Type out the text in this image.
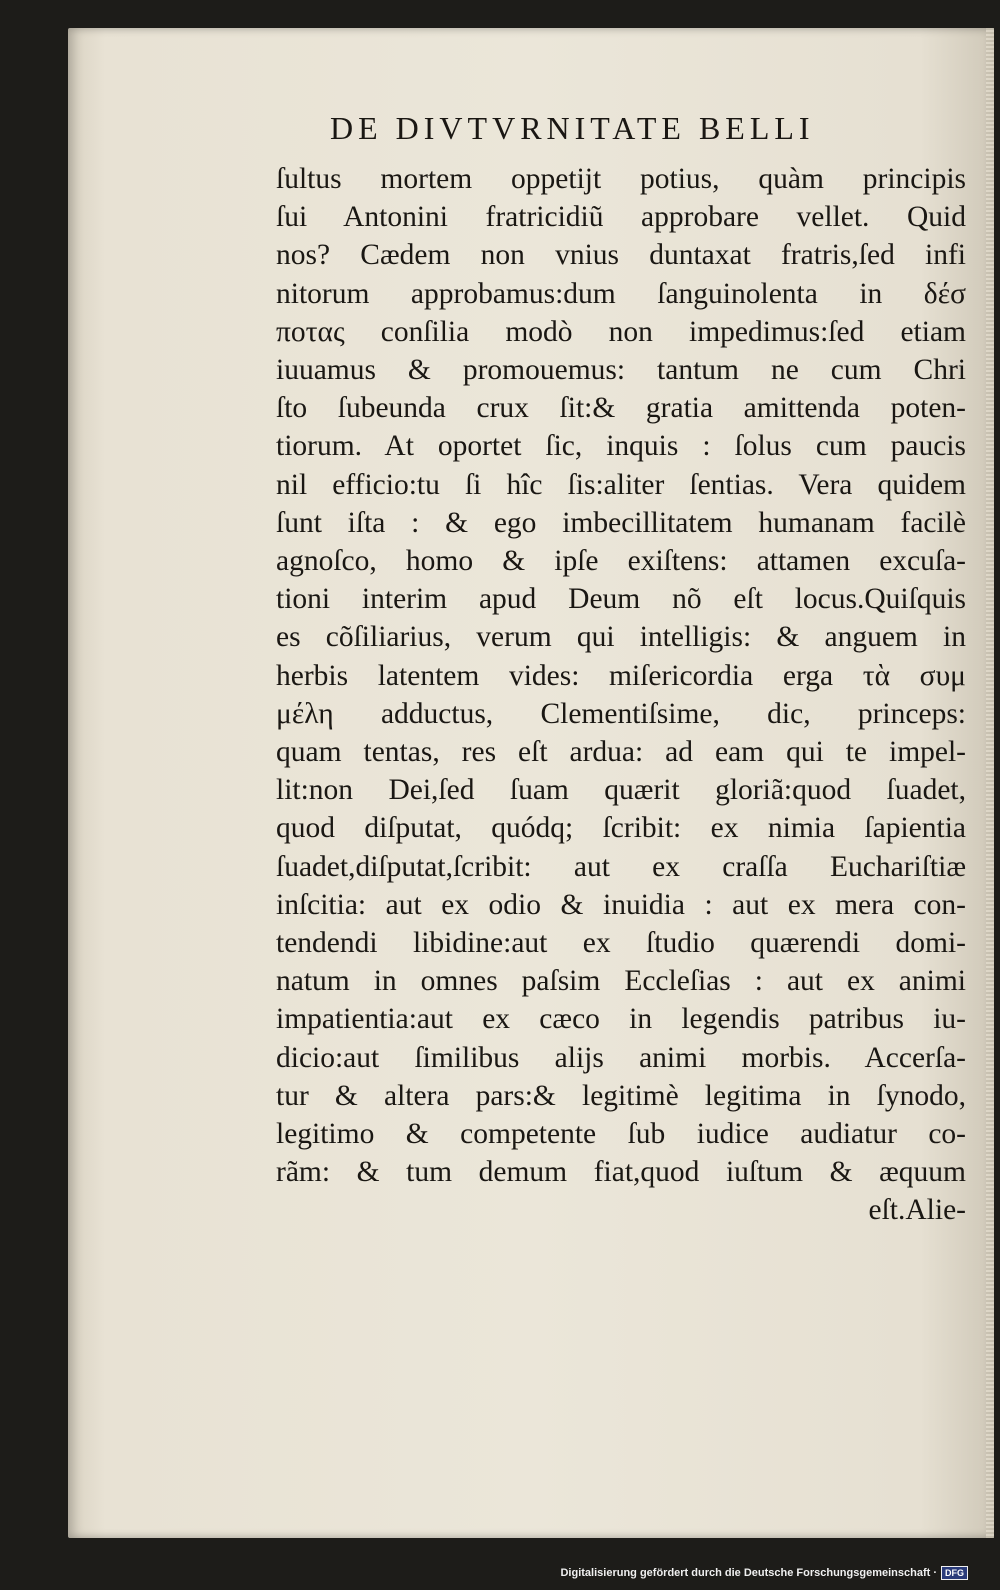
DE DIVTVRNITATE BELLI
ſultus mortem oppetijt potius, quàm principis
ſui Antonini fratricidiũ approbare vellet. Quid
nos? Cædem non vnius duntaxat fratris,ſed infi
nitorum approbamus:dum ſanguinolenta in δέσ
ποτας conſilia modò non impedimus:ſed etiam
iuuamus & promouemus: tantum ne cum Chri
ſto ſubeunda crux ſit:& gratia amittenda poten-
tiorum. At oportet ſic, inquis : ſolus cum paucis
nil efficio:tu ſi hîc ſis:aliter ſentias. Vera quidem
ſunt iſta : & ego imbecillitatem humanam facilè
agnoſco, homo & ipſe exiſtens: attamen excuſa-
tioni interim apud Deum nõ eſt locus.Quiſquis
es cõſiliarius, verum qui intelligis: & anguem in
herbis latentem vides: miſericordia erga τὰ συμ
μέλη adductus, Clementiſsime, dic, princeps:
quam tentas, res eſt ardua: ad eam qui te impel-
lit:non Dei,ſed ſuam quærit gloriã:quod ſuadet,
quod diſputat, quódq; ſcribit: ex nimia ſapientia
ſuadet,diſputat,ſcribit: aut ex craſſa Euchariſtiæ
inſcitia: aut ex odio & inuidia : aut ex mera con-
tendendi libidine:aut ex ſtudio quærendi domi-
natum in omnes paſsim Eccleſias : aut ex animi
impatientia:aut ex cæco in legendis patribus iu-
dicio:aut ſimilibus alijs animi morbis. Accerſa-
tur & altera pars:& legitimè legitima in ſynodo,
legitimo & competente ſub iudice audiatur co-
rãm: & tum demum fiat,quod iuſtum & æquum
eſt.Alie-
Digitalisierung gefördert durch die Deutsche Forschungsgemeinschaft · DFG
